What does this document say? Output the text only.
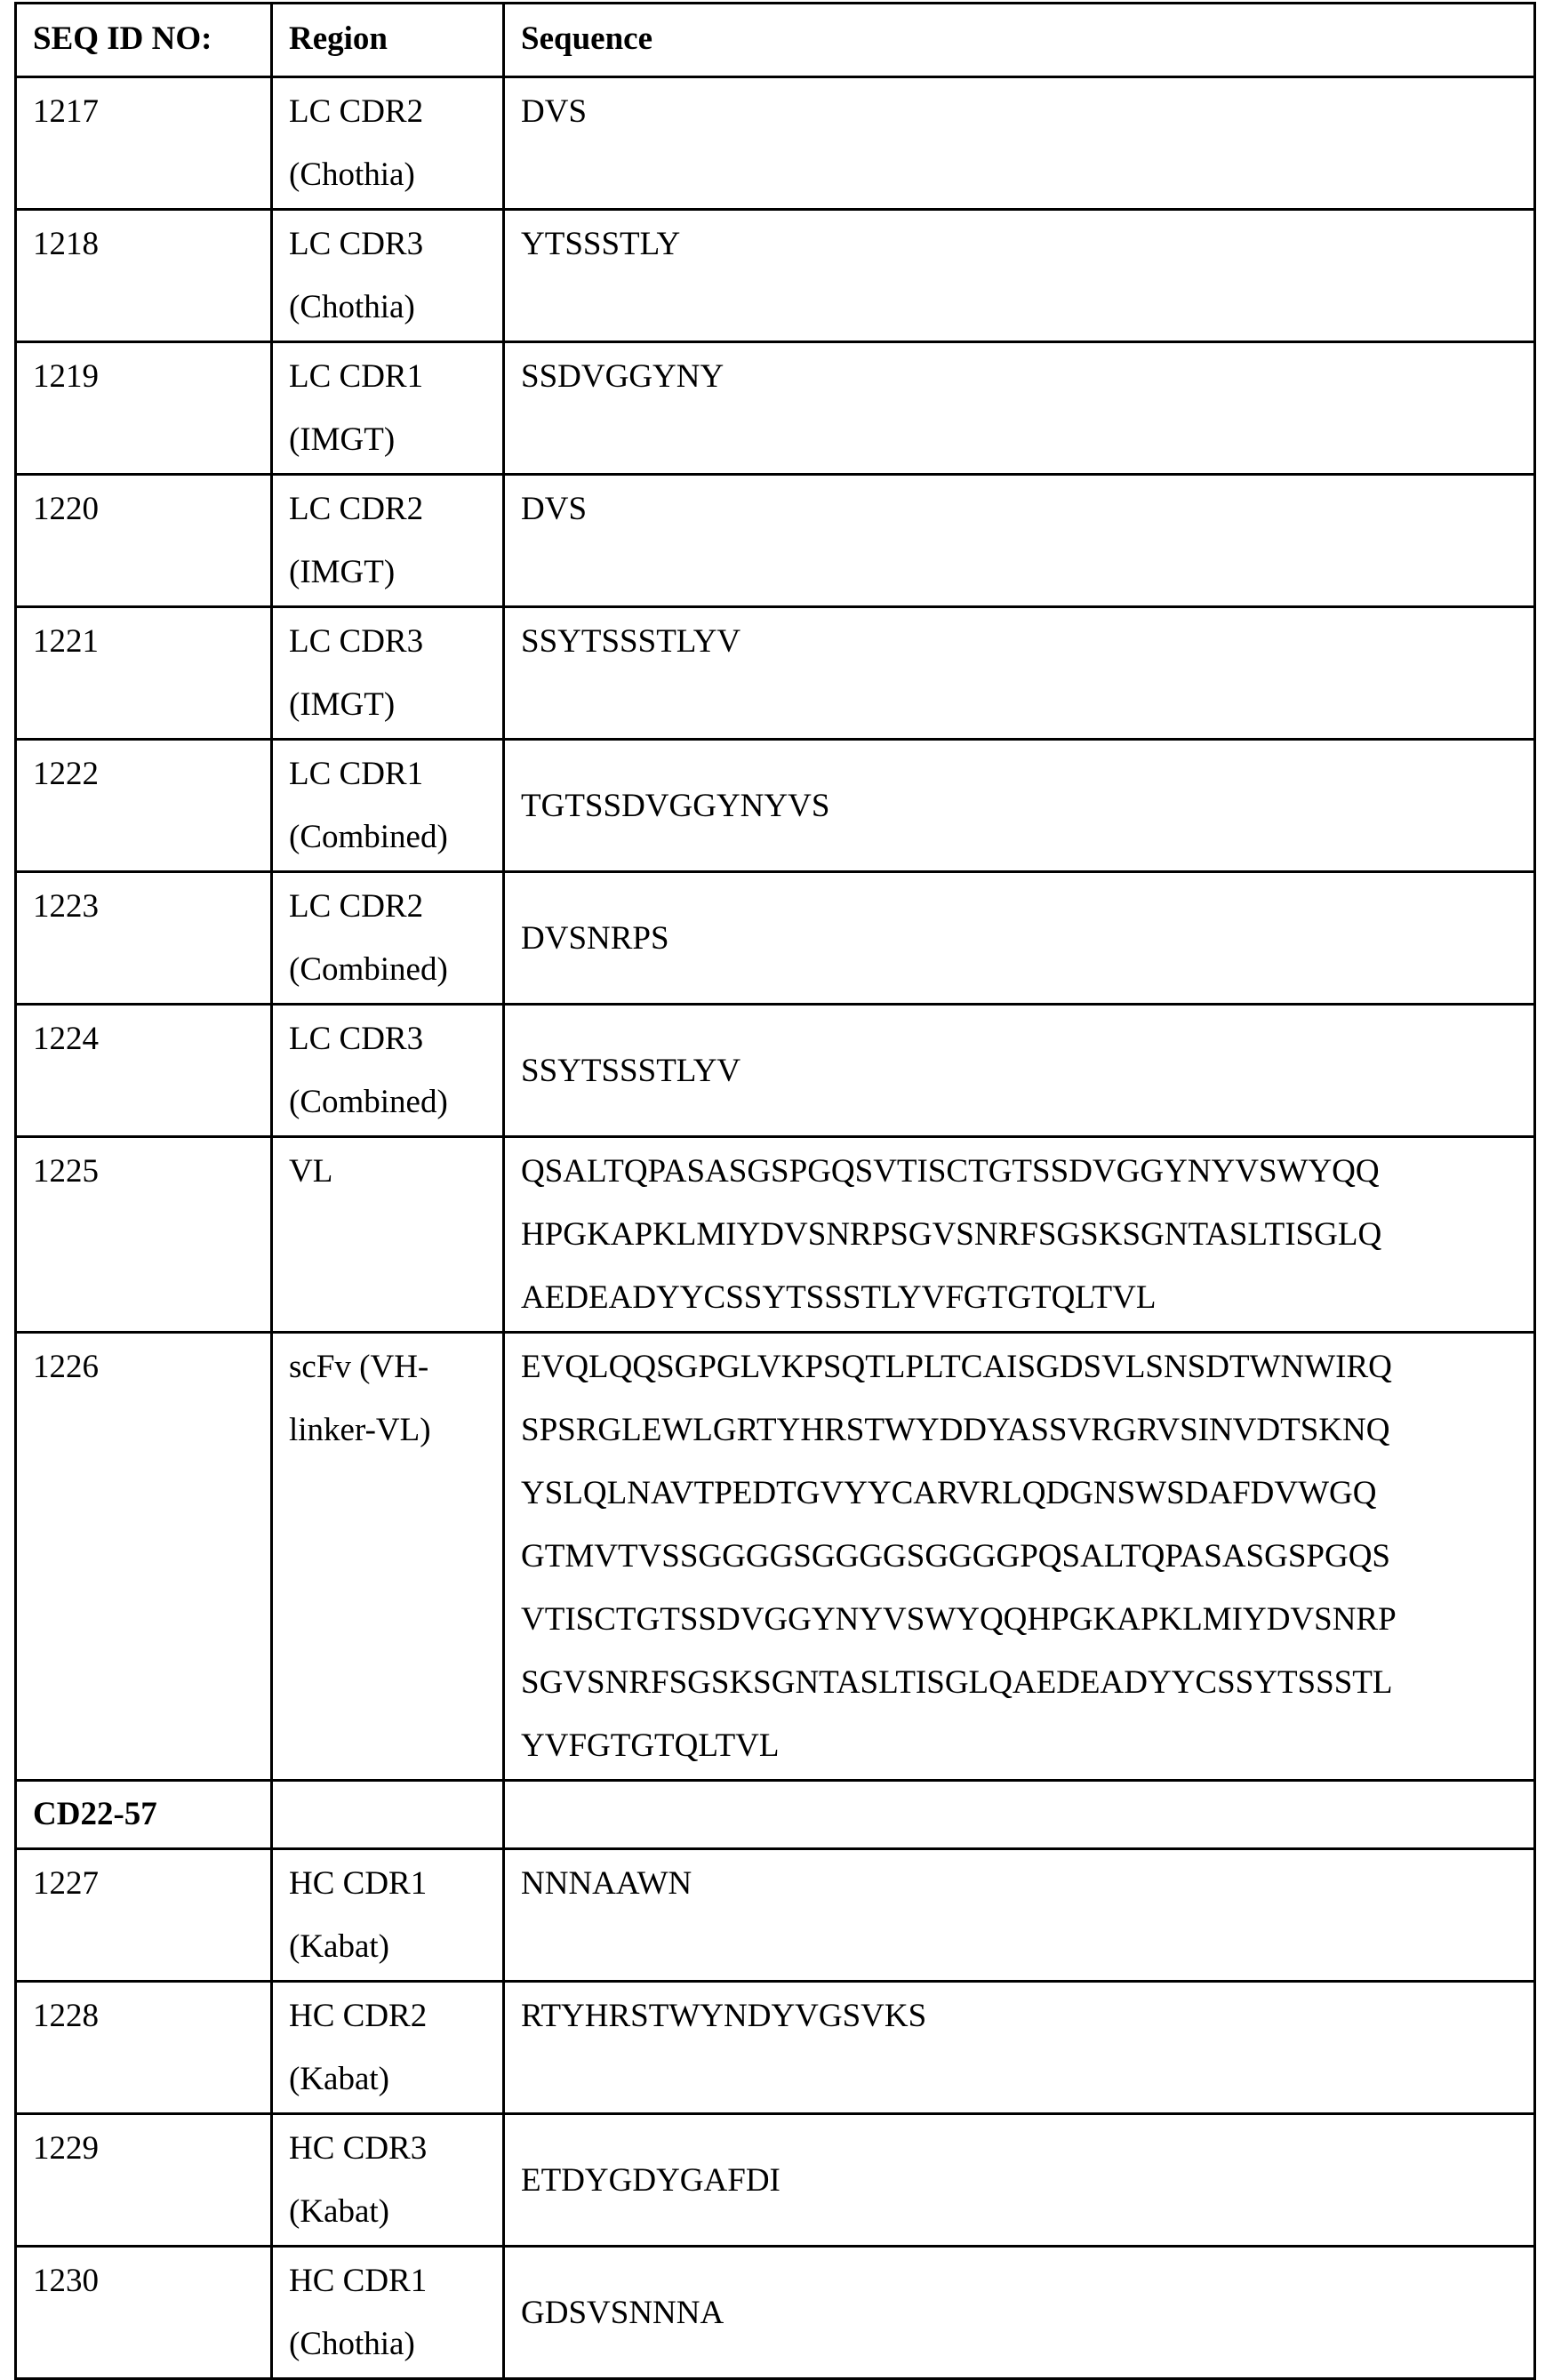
SEQ ID NO:	Region	Sequence
1217	LC CDR2
(Chothia)

DVS

1218	LC CDR3
(Chothia)

YTSSSTLY

1219	LC CDR1
(IMGT)

SSDVGGYNY

1220	LC CDR2
(IMGT)

DVS

1221	LC CDR3
(IMGT)

SSYTSSSTLYV

1222	LC CDR1
(Combined)

TGTSSDVGGYNYVS

1223	LC CDR2
(Combined)

DVSNRPS

1224	LC CDR3
(Combined)

SSYTSSSTLYV

1225	VL	QSALTQPASASGSPGQSVTISCTGTSSDVGGYNYVSWYQQ
HPGKAPKLMIYDVSNRPSGVSNRFSGSKSGNTASLTISGLQ
AEDEADYYCSSYTSSSTLYVFGTGTQLTVL

1226	scFv (VH-
linker-VL)

EVQLQQSGPGLVKPSQTLPLTCAISGDSVLSNSDTWNWIRQ
SPSRGLEWLGRTYHRSTWYDDYASSVRGRVSINVDTSKNQ
YSLQLNAVTPEDTGVYYCARVRLQDGNSWSDAFDVWGQ
GTMVTVSSGGGGSGGGGSGGGGPQSALTQPASASGSPGQS
VTISCTGTSSDVGGYNYVSWYQQHPGKAPKLMIYDVSNRP
SGVSNRFSGSKSGNTASLTISGLQAEDEADYYCSSYTSSSTL
YVFGTGTQLTVL

CD22-57		
1227	HC CDR1
(Kabat)

NNNAAWN

1228	HC CDR2
(Kabat)

RTYHRSTWYNDYVGSVKS

1229	HC CDR3
(Kabat)

ETDYGDYGAFDI

1230	HC CDR1
(Chothia)

GDSVSNNNA
